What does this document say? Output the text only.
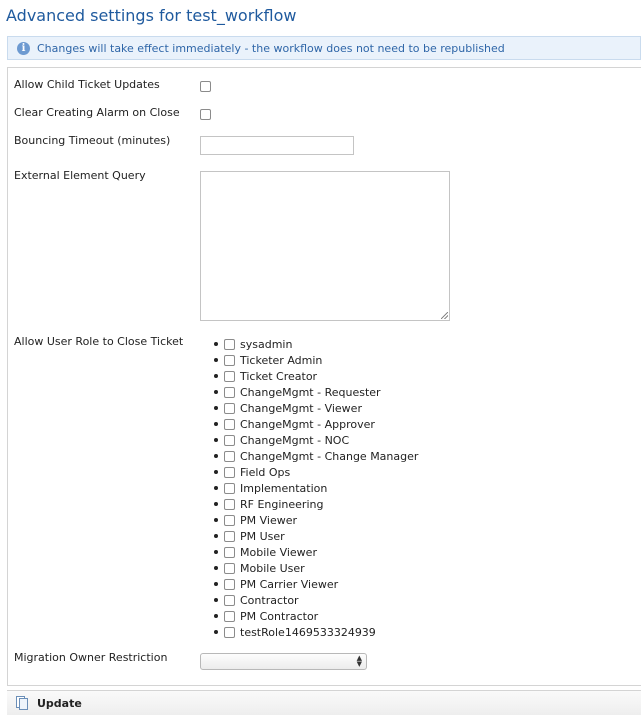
Advanced settings for test_workflow
i	Changes will take effect immediately - the workflow does not need to be republished
Allow Child Ticket Updates
Clear Creating Alarm on Close
Bouncing Timeout (minutes)
External Element Query
Allow User Role to Close Ticket	sysadmin
Ticketer Admin
Ticket Creator
ChangeMgmt - Requester
ChangeMgmt - Viewer
ChangeMgmt - Approver
ChangeMgmt - NOC
ChangeMgmt - Change Manager
Field Ops
Implementation
RF Engineering
PM Viewer
PM User
Mobile Viewer
Mobile User
PM Carrier Viewer
Contractor
PM Contractor
testRole1469533324939
Migration Owner Restriction	▲
▼
Update
